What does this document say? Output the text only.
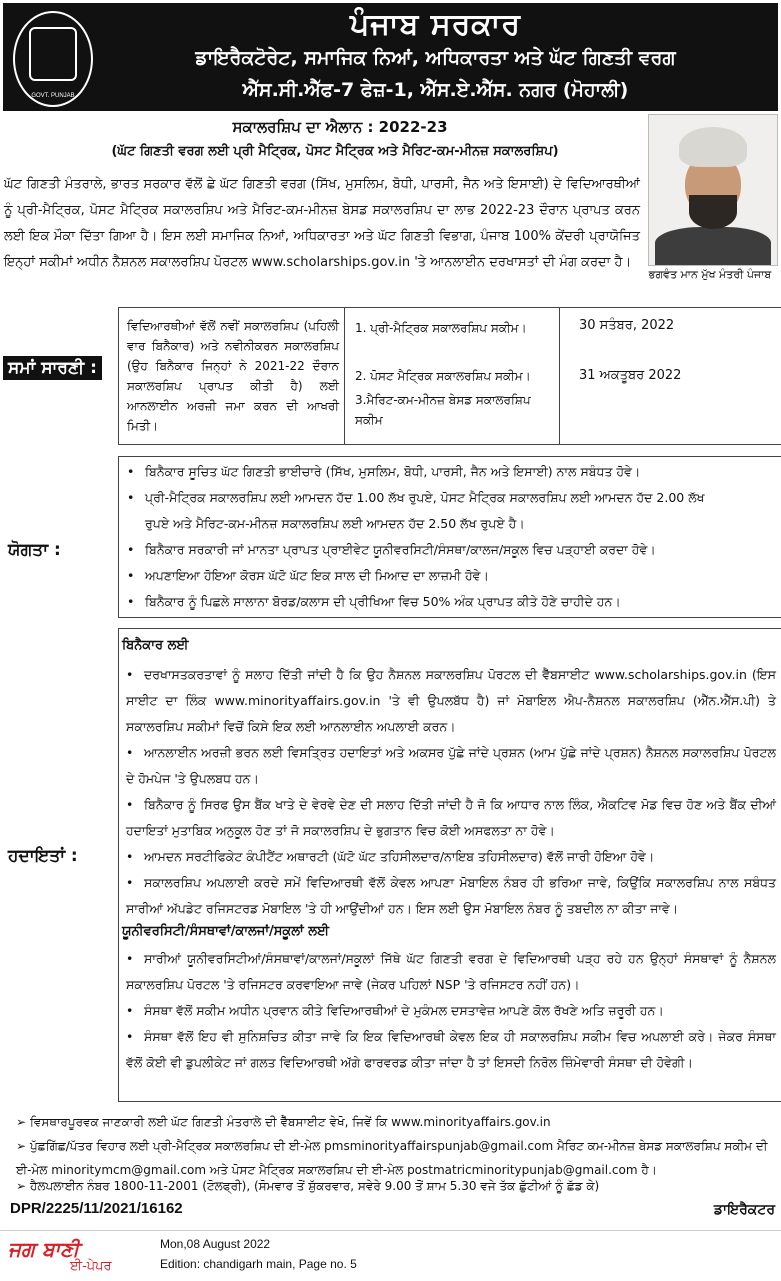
GOVT. PUNJAB
ਪੰਜਾਬ ਸਰਕਾਰ
ਡਾਇਰੈਕਟੋਰੇਟ, ਸਮਾਜਿਕ ਨਿਆਂ, ਅਧਿਕਾਰਤਾ ਅਤੇ ਘੱਟ ਗਿਣਤੀ ਵਰਗ
ਐੱਸ.ਸੀ.ਐੱਫ-7 ਫੇਜ਼-1, ਐੱਸ.ਏ.ਐੱਸ. ਨਗਰ (ਮੋਹਾਲੀ)
ਸਕਾਲਰਸ਼ਿਪ ਦਾ ਐਲਾਨ : 2022-23
(ਘੱਟ ਗਿਣਤੀ ਵਰਗ ਲਈ ਪ੍ਰੀ ਮੈਟ੍ਰਿਕ, ਪੋਸਟ ਮੈਟ੍ਰਿਕ ਅਤੇ ਮੈਰਿਟ-ਕਮ-ਮੀਨਜ਼ ਸਕਾਲਰਸ਼ਿਪ)
ਘੱਟ ਗਿਣਤੀ ਮੰਤਰਾਲੇ, ਭਾਰਤ ਸਰਕਾਰ ਵੱਲੋਂ ਛੇ ਘੱਟ ਗਿਣਤੀ ਵਰਗ (ਸਿੱਖ, ਮੁਸਲਿਮ, ਬੋਧੀ, ਪਾਰਸੀ, ਜੈਨ ਅਤੇ ਇਸਾਈ) ਦੇ ਵਿਦਿਆਰਥੀਆਂ ਨੂੰ ਪ੍ਰੀ-ਮੈਟ੍ਰਿਕ, ਪੋਸਟ ਮੈਟ੍ਰਿਕ ਸਕਾਲਰਸ਼ਿਪ ਅਤੇ ਮੈਰਿਟ-ਕਮ-ਮੀਨਜ਼ ਬੇਸਡ ਸਕਾਲਰਸ਼ਿਪ ਦਾ ਲਾਭ 2022-23 ਦੌਰਾਨ ਪ੍ਰਾਪਤ ਕਰਨ ਲਈ ਇਕ ਮੌਕਾ ਦਿੱਤਾ ਗਿਆ ਹੈ। ਇਸ ਲਈ ਸਮਾਜਿਕ ਨਿਆਂ, ਅਧਿਕਾਰਤਾ ਅਤੇ ਘੱਟ ਗਿਣਤੀ ਵਿਭਾਗ, ਪੰਜਾਬ 100% ਕੇਂਦਰੀ ਪ੍ਰਾਯੋਜਿਤ ਇਨ੍ਹਾਂ ਸਕੀਮਾਂ ਅਧੀਨ ਨੈਸ਼ਨਲ ਸਕਾਲਰਸ਼ਿਪ ਪੋਰਟਲ www.scholarships.gov.in 'ਤੇ ਆਨਲਾਈਨ ਦਰਖਾਸਤਾਂ ਦੀ ਮੰਗ ਕਰਦਾ ਹੈ।
ਭਗਵੰਤ ਮਾਨ ਮੁੱਖ ਮੰਤਰੀ ਪੰਜਾਬ
ਸਮਾਂ ਸਾਰਣੀ :
ਵਿਦਿਆਰਥੀਆਂ ਵੱਲੋਂ ਨਵੀਂ ਸਕਾਲਰਸ਼ਿਪ (ਪਹਿਲੀ ਵਾਰ ਬਿਨੈਕਾਰ) ਅਤੇ ਨਵੀਨੀਕਰਨ ਸਕਾਲਰਸ਼ਿਪ (ਉਹ ਬਿਨੈਕਾਰ ਜਿਨ੍ਹਾਂ ਨੇ 2021-22 ਦੌਰਾਨ ਸਕਾਲਰਸ਼ਿਪ ਪ੍ਰਾਪਤ ਕੀਤੀ ਹੈ) ਲਈ ਆਨਲਾਈਨ ਅਰਜ਼ੀ ਜਮਾ ਕਰਨ ਦੀ ਆਖਰੀ ਮਿਤੀ।
1. ਪ੍ਰੀ-ਮੈਟ੍ਰਿਕ ਸਕਾਲਰਸ਼ਿਪ ਸਕੀਮ।
2. ਪੋਸਟ ਮੈਟ੍ਰਿਕ ਸਕਾਲਰਸ਼ਿਪ ਸਕੀਮ।
3.ਮੈਰਿਟ-ਕਮ-ਮੀਨਜ਼ ਬੇਸਡ ਸਕਾਲਰਸ਼ਿਪ ਸਕੀਮ
30 ਸਤੰਬਰ, 2022
31 ਅਕਤੂਬਰ 2022
ਯੋਗਤਾ :
• ਬਿਨੈਕਾਰ ਸੂਚਿਤ ਘੱਟ ਗਿਣਤੀ ਭਾਈਚਾਰੇ (ਸਿੱਖ, ਮੁਸਲਿਮ, ਬੋਧੀ, ਪਾਰਸੀ, ਜੈਨ ਅਤੇ ਇਸਾਈ) ਨਾਲ ਸਬੰਧਤ ਹੋਵੇ।
• ਪ੍ਰੀ-ਮੈਟ੍ਰਿਕ ਸਕਾਲਰਸ਼ਿਪ ਲਈ ਆਮਦਨ ਹੱਦ 1.00 ਲੱਖ ਰੁਪਏ, ਪੋਸਟ ਮੈਟ੍ਰਿਕ ਸਕਾਲਰਸ਼ਿਪ ਲਈ ਆਮਦਨ ਹੱਦ 2.00 ਲੱਖ
ਰੁਪਏ ਅਤੇ ਮੈਰਿਟ-ਕਮ-ਮੀਨਜ਼ ਸਕਾਲਰਸ਼ਿਪ ਲਈ ਆਮਦਨ ਹੱਦ 2.50 ਲੱਖ ਰੁਪਏ ਹੈ।
• ਬਿਨੈਕਾਰ ਸਰਕਾਰੀ ਜਾਂ ਮਾਨਤਾ ਪ੍ਰਾਪਤ ਪ੍ਰਾਈਵੇਟ ਯੂਨੀਵਰਸਿਟੀ/ਸੰਸਥਾ/ਕਾਲਜ/ਸਕੂਲ ਵਿਚ ਪੜ੍ਹਾਈ ਕਰਦਾ ਹੋਵੇ।
• ਅਪਣਾਇਆ ਹੋਇਆ ਕੋਰਸ ਘੱਟੋ ਘੱਟ ਇਕ ਸਾਲ ਦੀ ਮਿਆਦ ਦਾ ਲਾਜ਼ਮੀ ਹੋਵੇ।
• ਬਿਨੈਕਾਰ ਨੂੰ ਪਿਛਲੇ ਸਾਲਾਨਾ ਬੋਰਡ/ਕਲਾਸ ਦੀ ਪ੍ਰੀਖਿਆ ਵਿਚ 50% ਅੰਕ ਪ੍ਰਾਪਤ ਕੀਤੇ ਹੋਣੇ ਚਾਹੀਦੇ ਹਨ।
ਹਦਾਇਤਾਂ :
ਬਿਨੈਕਾਰ ਲਈ
• ਦਰਖਾਸਤਕਰਤਾਵਾਂ ਨੂੰ ਸਲਾਹ ਦਿੱਤੀ ਜਾਂਦੀ ਹੈ ਕਿ ਉਹ ਨੈਸ਼ਨਲ ਸਕਾਲਰਸ਼ਿਪ ਪੋਰਟਲ ਦੀ ਵੈੱਬਸਾਈਟ www.scholarships.gov.in (ਇਸ ਸਾਈਟ ਦਾ ਲਿੰਕ www.minorityaffairs.gov.in 'ਤੇ ਵੀ ਉਪਲਬੱਧ ਹੈ) ਜਾਂ ਮੋਬਾਇਲ ਐਪ-ਨੈਸ਼ਨਲ ਸਕਾਲਰਸ਼ਿਪ (ਐੱਨ.ਐੱਸ.ਪੀ) ਤੇ ਸਕਾਲਰਸ਼ਿਪ ਸਕੀਮਾਂ ਵਿਚੋਂ ਕਿਸੇ ਇਕ ਲਈ ਆਨਲਾਈਨ ਅਪਲਾਈ ਕਰਨ।
• ਆਨਲਾਈਨ ਅਰਜ਼ੀ ਭਰਨ ਲਈ ਵਿਸਤ੍ਰਿਤ ਹਦਾਇਤਾਂ ਅਤੇ ਅਕਸਰ ਪੁੱਛੇ ਜਾਂਦੇ ਪ੍ਰਸ਼ਨ (ਆਮ ਪੁੱਛੇ ਜਾਂਦੇ ਪ੍ਰਸ਼ਨ) ਨੈਸ਼ਨਲ ਸਕਾਲਰਸ਼ਿਪ ਪੋਰਟਲ ਦੇ ਹੋਮਪੇਜ 'ਤੇ ਉਪਲਬਧ ਹਨ।
• ਬਿਨੈਕਾਰ ਨੂੰ ਸਿਰਫ ਉਸ ਬੈਂਕ ਖਾਤੇ ਦੇ ਵੇਰਵੇ ਦੇਣ ਦੀ ਸਲਾਹ ਦਿੱਤੀ ਜਾਂਦੀ ਹੈ ਜੋ ਕਿ ਆਧਾਰ ਨਾਲ ਲਿੰਕ, ਐਕਟਿਵ ਮੋਡ ਵਿਚ ਹੋਣ ਅਤੇ ਬੈਂਕ ਦੀਆਂ ਹਦਾਇਤਾਂ ਮੁਤਾਬਿਕ ਅਨੁਕੂਲ ਹੋਣ ਤਾਂ ਜੋ ਸਕਾਲਰਸ਼ਿਪ ਦੇ ਭੁਗਤਾਨ ਵਿਚ ਕੋਈ ਅਸਫਲਤਾ ਨਾ ਹੋਵੇ।
• ਆਮਦਨ ਸਰਟੀਫਿਕੇਟ ਕੰਪੀਟੈਂਟ ਅਥਾਰਟੀ (ਘੱਟੋ ਘੱਟ ਤਹਿਸੀਲਦਾਰ/ਨਾਇਬ ਤਹਿਸੀਲਦਾਰ) ਵੱਲੋਂ ਜਾਰੀ ਹੋਇਆ ਹੋਵੇ।
• ਸਕਾਲਰਸ਼ਿਪ ਅਪਲਾਈ ਕਰਦੇ ਸਮੇਂ ਵਿਦਿਆਰਥੀ ਵੱਲੋਂ ਕੇਵਲ ਆਪਣਾ ਮੋਬਾਇਲ ਨੰਬਰ ਹੀ ਭਰਿਆ ਜਾਵੇ, ਕਿਉਂਕਿ ਸਕਾਲਰਸ਼ਿਪ ਨਾਲ ਸਬੰਧਤ ਸਾਰੀਆਂ ਅੱਪਡੇਟ ਰਜਿਸਟਰਡ ਮੋਬਾਇਲ 'ਤੇ ਹੀ ਆਉਂਦੀਆਂ ਹਨ। ਇਸ ਲਈ ਉਸ ਮੋਬਾਇਲ ਨੰਬਰ ਨੂੰ ਤਬਦੀਲ ਨਾ ਕੀਤਾ ਜਾਵੇ।
ਯੂਨੀਵਰਸਿਟੀ/ਸੰਸਥਾਵਾਂ/ਕਾਲਜਾਂ/ਸਕੂਲਾਂ ਲਈ
• ਸਾਰੀਆਂ ਯੂਨੀਵਰਸਿਟੀਆਂ/ਸੰਸਥਾਵਾਂ/ਕਾਲਜਾਂ/ਸਕੂਲਾਂ ਜਿੱਥੇ ਘੱਟ ਗਿਣਤੀ ਵਰਗ ਦੇ ਵਿਦਿਆਰਥੀ ਪੜ੍ਹ ਰਹੇ ਹਨ ਉਨ੍ਹਾਂ ਸੰਸਥਾਵਾਂ ਨੂੰ ਨੈਸ਼ਨਲ ਸਕਾਲਰਸ਼ਿਪ ਪੋਰਟਲ 'ਤੇ ਰਜਿਸਟਰ ਕਰਵਾਇਆ ਜਾਵੇ (ਜੇਕਰ ਪਹਿਲਾਂ NSP 'ਤੇ ਰਜਿਸਟਰ ਨਹੀਂ ਹਨ)।
• ਸੰਸਥਾ ਵੱਲੋਂ ਸਕੀਮ ਅਧੀਨ ਪ੍ਰਵਾਨ ਕੀਤੇ ਵਿਦਿਆਰਥੀਆਂ ਦੇ ਮੁਕੰਮਲ ਦਸਤਾਵੇਜ਼ ਆਪਣੇ ਕੋਲ ਰੱਖਣੇ ਅਤਿ ਜ਼ਰੂਰੀ ਹਨ।
• ਸੰਸਥਾ ਵੱਲੋਂ ਇਹ ਵੀ ਸੁਨਿਸ਼ਚਿਤ ਕੀਤਾ ਜਾਵੇ ਕਿ ਇਕ ਵਿਦਿਆਰਥੀ ਕੇਵਲ ਇਕ ਹੀ ਸਕਾਲਰਸ਼ਿਪ ਸਕੀਮ ਵਿਚ ਅਪਲਾਈ ਕਰੇ। ਜੇਕਰ ਸੰਸਥਾ ਵੱਲੋਂ ਕੋਈ ਵੀ ਡੁਪਲੀਕੇਟ ਜਾਂ ਗਲਤ ਵਿਦਿਆਰਥੀ ਅੱਗੇ ਫਾਰਵਰਡ ਕੀਤਾ ਜਾਂਦਾ ਹੈ ਤਾਂ ਇਸਦੀ ਨਿਰੋਲ ਜ਼ਿੰਮੇਵਾਰੀ ਸੰਸਥਾ ਦੀ ਹੋਵੇਗੀ।
➢ ਵਿਸਥਾਰਪੂਰਵਕ ਜਾਣਕਾਰੀ ਲਈ ਘੱਟ ਗਿਣਤੀ ਮੰਤਰਾਲੇ ਦੀ ਵੈੱਬਸਾਈਟ ਵੇਖੋ, ਜਿਵੇਂ ਕਿ www.minorityaffairs.gov.in
➢ ਪੁੱਛਗਿੱਛ/ਪੱਤਰ ਵਿਹਾਰ ਲਈ ਪ੍ਰੀ-ਮੈਟ੍ਰਿਕ ਸਕਾਲਰਸ਼ਿਪ ਦੀ ਈ-ਮੇਲ pmsminorityaffairspunjab@gmail.com ਮੈਰਿਟ ਕਮ-ਮੀਨਜ਼ ਬੇਸਡ ਸਕਾਲਰਸ਼ਿਪ ਸਕੀਮ ਦੀ ਈ-ਮੇਲ minoritymcm@gmail.com ਅਤੇ ਪੋਸਟ ਮੈਟ੍ਰਿਕ ਸਕਾਲਰਸ਼ਿਪ ਦੀ ਈ-ਮੇਲ postmatricminoritypunjab@gmail.com ਹੈ।
➢ ਹੈਲਪਲਾਈਨ ਨੰਬਰ 1800-11-2001 (ਟੋਲਫ੍ਰੀ), (ਸੋਮਵਾਰ ਤੋਂ ਸ਼ੁੱਕਰਵਾਰ, ਸਵੇਰੇ 9.00 ਤੋਂ ਸ਼ਾਮ 5.30 ਵਜੇ ਤੱਕ ਛੁੱਟੀਆਂ ਨੂੰ ਛੱਡ ਕੇ)
DPR/2225/11/2021/16162	ਡਾਇਰੈਕਟਰ
ਜਗ ਬਾਣੀ
ਈ-ਪੇਪਰ
Mon,08 August 2022
Edition: chandigarh main, Page no. 5
